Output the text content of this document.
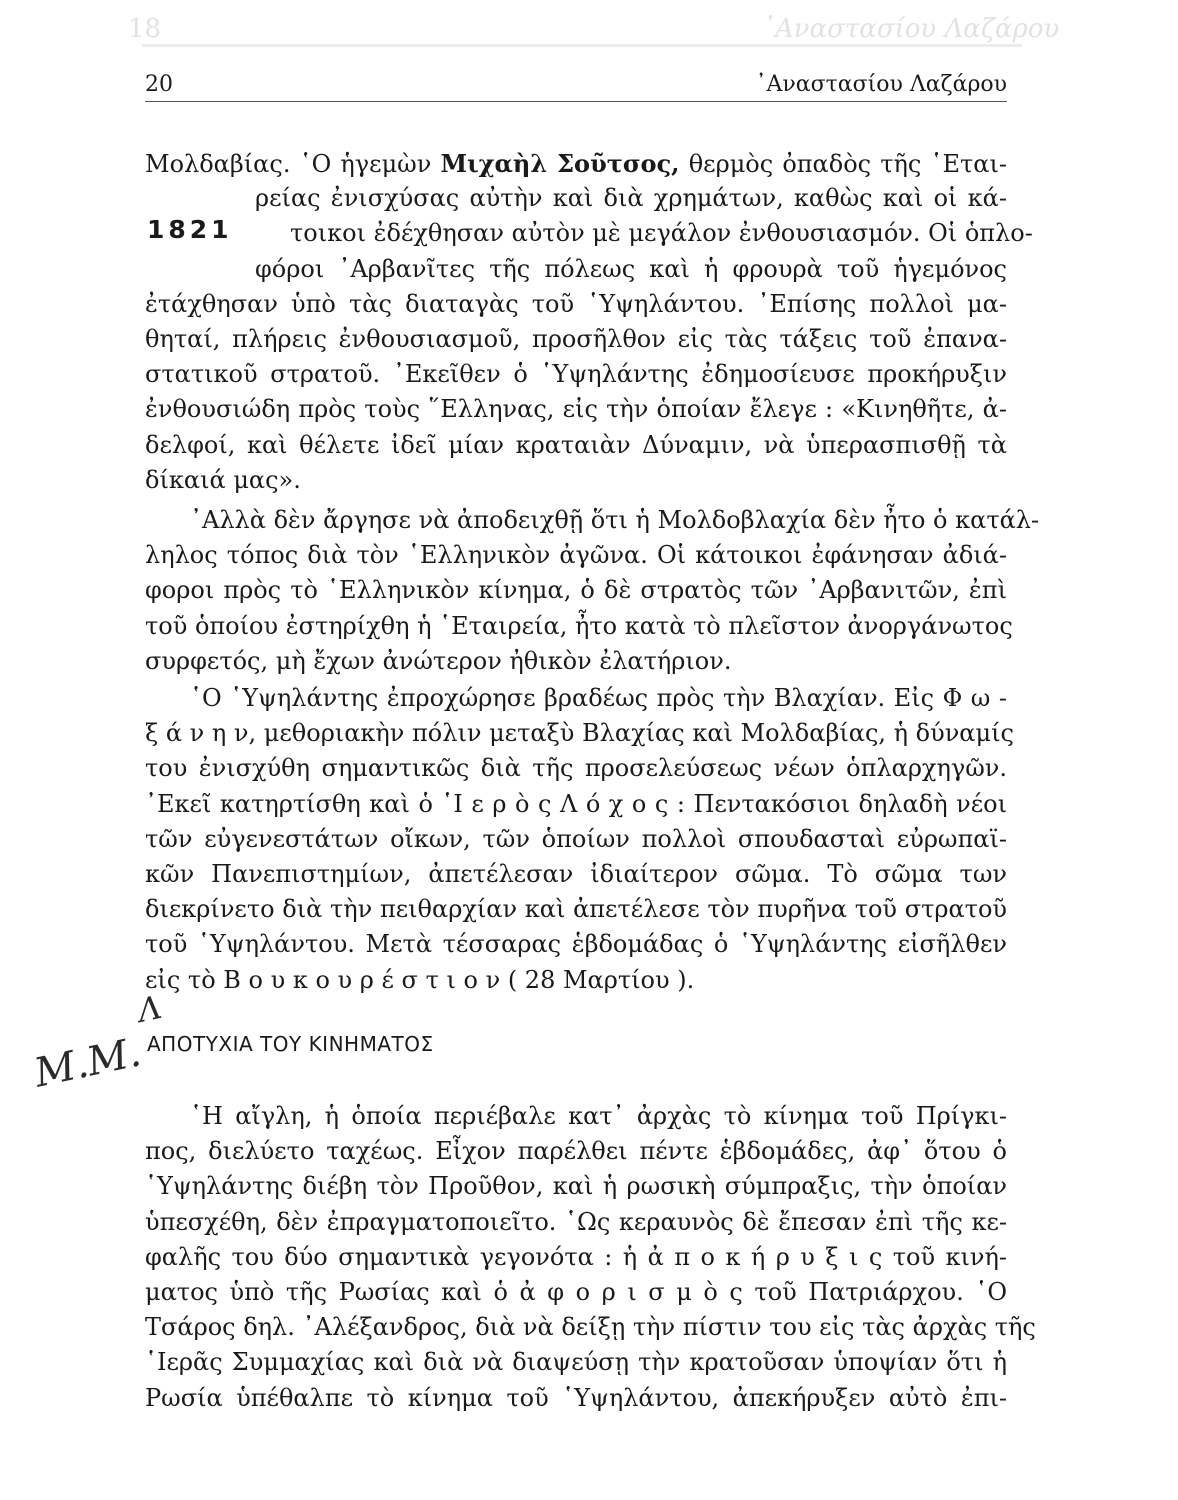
18	᾿Αναστασίου Λαζάρου
20	᾿Αναστασίου Λαζάρου
1821
Μολδαβίας. ῾Ο ἡγεμὼν Μιχαὴλ Σοῦτσος, θερμὸς ὀπαδὸς τῆς ῾Εται-
ρείας ἐνισχύσας αὐτὴν καὶ διὰ χρημάτων, καθὼς καὶ οἱ κά-
τοικοι ἐδέχθησαν αὐτὸν μὲ μεγάλον ἐνθουσιασμόν. Οἱ ὁπλο-
φόροι ᾿Αρβανῖτες τῆς πόλεως καὶ ἡ φρουρὰ τοῦ ἡγεμόνος
ἐτάχθησαν ὑπὸ τὰς διαταγὰς τοῦ ῾Υψηλάντου. ᾿Επίσης πολλοὶ μα-
θηταί, πλήρεις ἐνθουσιασμοῦ, προσῆλθον εἰς τὰς τάξεις τοῦ ἐπανα-
στατικοῦ στρατοῦ. ᾿Εκεῖθεν ὁ ῾Υψηλάντης ἐδημοσίευσε προκήρυξιν
ἐνθουσιώδη πρὸς τοὺς ῞Ελληνας, εἰς τὴν ὁποίαν ἔλεγε : «Κινηθῆτε, ἀ-
δελφοί, καὶ θέλετε ἰδεῖ μίαν κραταιὰν Δύναμιν, νὰ ὑπερασπισθῇ τὰ
δίκαιά μας».
᾿Αλλὰ δὲν ἄργησε νὰ ἀποδειχθῇ ὅτι ἡ Μολδοβλαχία δὲν ἦτο ὁ κατάλ-
ληλος τόπος διὰ τὸν ῾Ελληνικὸν ἀγῶνα. Οἱ κάτοικοι ἐφάνησαν ἀδιά-
φοροι πρὸς τὸ ῾Ελληνικὸν κίνημα, ὁ δὲ στρατὸς τῶν ᾿Αρβανιτῶν, ἐπὶ
τοῦ ὁποίου ἐστηρίχθη ἡ ῾Εταιρεία, ἦτο κατὰ τὸ πλεῖστον ἀνοργάνωτος
συρφετός, μὴ ἔχων ἀνώτερον ἠθικὸν ἐλατήριον.
῾Ο ῾Υψηλάντης ἐπροχώρησε βραδέως πρὸς τὴν Βλαχίαν. Εἰς Φ ω -
ξ ά ν η ν, μεθοριακὴν πόλιν μεταξὺ Βλαχίας καὶ Μολδαβίας, ἡ δύναμίς
του ἐνισχύθη σημαντικῶς διὰ τῆς προσελεύσεως νέων ὁπλαρχηγῶν.
᾿Εκεῖ κατηρτίσθη καὶ ὁ ῾Ι ε ρ ὸ ς Λ ό χ ο ς : Πεντακόσιοι δηλαδὴ νέοι
τῶν εὐγενεστάτων οἴκων, τῶν ὁποίων πολλοὶ σπουδασταὶ εὐρωπαϊ-
κῶν Πανεπιστημίων, ἀπετέλεσαν ἰδιαίτερον σῶμα. Τὸ σῶμα των
διεκρίνετο διὰ τὴν πειθαρχίαν καὶ ἀπετέλεσε τὸν πυρῆνα τοῦ στρατοῦ
τοῦ ῾Υψηλάντου. Μετὰ τέσσαρας ἑβδομάδας ὁ ῾Υψηλάντης εἰσῆλθεν
εἰς τὸ Β ο υ κ ο υ ρ έ σ τ ι ο ν ( 28 Μαρτίου ).
Λ
Μ.Μ. ΑΠΟΤΥΧΙΑ ΤΟΥ ΚΙΝΗΜΑΤΟΣ
῾Η αἴγλη, ἡ ὁποία περιέβαλε κατ᾿ ἀρχὰς τὸ κίνημα τοῦ Πρίγκι-
πος, διελύετο ταχέως. Εἶχον παρέλθει πέντε ἑβδομάδες, ἀφ᾿ ὅτου ὁ
῾Υψηλάντης διέβη τὸν Προῦθον, καὶ ἡ ρωσικὴ σύμπραξις, τὴν ὁποίαν
ὑπεσχέθη, δὲν ἐπραγματοποιεῖτο. ῾Ως κεραυνὸς δὲ ἔπεσαν ἐπὶ τῆς κε-
φαλῆς του δύο σημαντικὰ γεγονότα : ἡ ἀ π ο κ ή ρ υ ξ ι ς τοῦ κινή-
ματος ὑπὸ τῆς Ρωσίας καὶ ὁ ἀ φ ο ρ ι σ μ ὸ ς τοῦ Πατριάρχου. ῾Ο
Τσάρος δηλ. ᾿Αλέξανδρος, διὰ νὰ δείξῃ τὴν πίστιν του εἰς τὰς ἀρχὰς τῆς
῾Ιερᾶς Συμμαχίας καὶ διὰ νὰ διαψεύσῃ τὴν κρατοῦσαν ὑποψίαν ὅτι ἡ
Ρωσία ὑπέθαλπε τὸ κίνημα τοῦ ῾Υψηλάντου, ἀπεκήρυξεν αὐτὸ ἐπι-
